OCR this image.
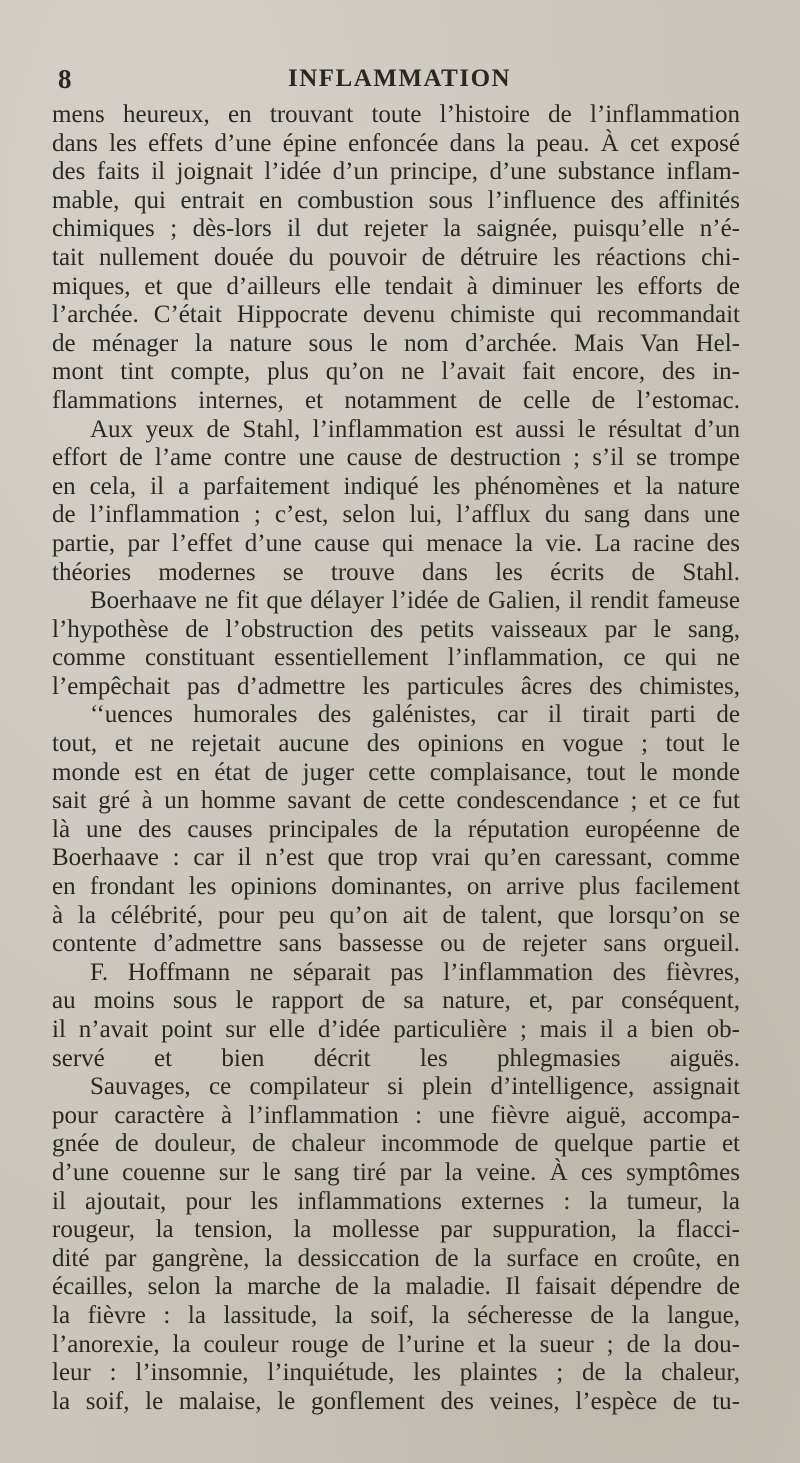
8	INFLAMMATION
mens heureux, en trouvant toute l’histoire de l’inflammation
dans les effets d’une épine enfoncée dans la peau. À cet exposé
des faits il joignait l’idée d’un principe, d’une substance inflam-
mable, qui entrait en combustion sous l’influence des affinités
chimiques ; dès-lors il dut rejeter la saignée, puisqu’elle n’é-
tait nullement douée du pouvoir de détruire les réactions chi-
miques, et que d’ailleurs elle tendait à diminuer les efforts de
l’archée. C’était Hippocrate devenu chimiste qui recommandait
de ménager la nature sous le nom d’archée. Mais Van Hel-
mont tint compte, plus qu’on ne l’avait fait encore, des in-
flammations internes, et notamment de celle de l’estomac.
Aux yeux de Stahl, l’inflammation est aussi le résultat d’un
effort de l’ame contre une cause de destruction ; s’il se trompe
en cela, il a parfaitement indiqué les phénomènes et la nature
de l’inflammation ; c’est, selon lui, l’afflux du sang dans une
partie, par l’effet d’une cause qui menace la vie. La racine des
théories modernes se trouve dans les écrits de Stahl.
Boerhaave ne fit que délayer l’idée de Galien, il rendit fameuse
l’hypothèse de l’obstruction des petits vaisseaux par le sang,
comme constituant essentiellement l’inflammation, ce qui ne
l’empêchait pas d’admettre les particules âcres des chimistes,
‘‘uences humorales des galénistes, car il tirait parti de
tout, et ne rejetait aucune des opinions en vogue ; tout le
monde est en état de juger cette complaisance, tout le monde
sait gré à un homme savant de cette condescendance ; et ce fut
là une des causes principales de la réputation européenne de
Boerhaave : car il n’est que trop vrai qu’en caressant, comme
en frondant les opinions dominantes, on arrive plus facilement
à la célébrité, pour peu qu’on ait de talent, que lorsqu’on se
contente d’admettre sans bassesse ou de rejeter sans orgueil.
F. Hoffmann ne séparait pas l’inflammation des fièvres,
au moins sous le rapport de sa nature, et, par conséquent,
il n’avait point sur elle d’idée particulière ; mais il a bien ob-
servé et bien décrit les phlegmasies aiguës.
Sauvages, ce compilateur si plein d’intelligence, assignait
pour caractère à l’inflammation : une fièvre aiguë, accompa-
gnée de douleur, de chaleur incommode de quelque partie et
d’une couenne sur le sang tiré par la veine. À ces symptômes
il ajoutait, pour les inflammations externes : la tumeur, la
rougeur, la tension, la mollesse par suppuration, la flacci-
dité par gangrène, la dessiccation de la surface en croûte, en
écailles, selon la marche de la maladie. Il faisait dépendre de
la fièvre : la lassitude, la soif, la sécheresse de la langue,
l’anorexie, la couleur rouge de l’urine et la sueur ; de la dou-
leur : l’insomnie, l’inquiétude, les plaintes ; de la chaleur,
la soif, le malaise, le gonflement des veines, l’espèce de tu-
